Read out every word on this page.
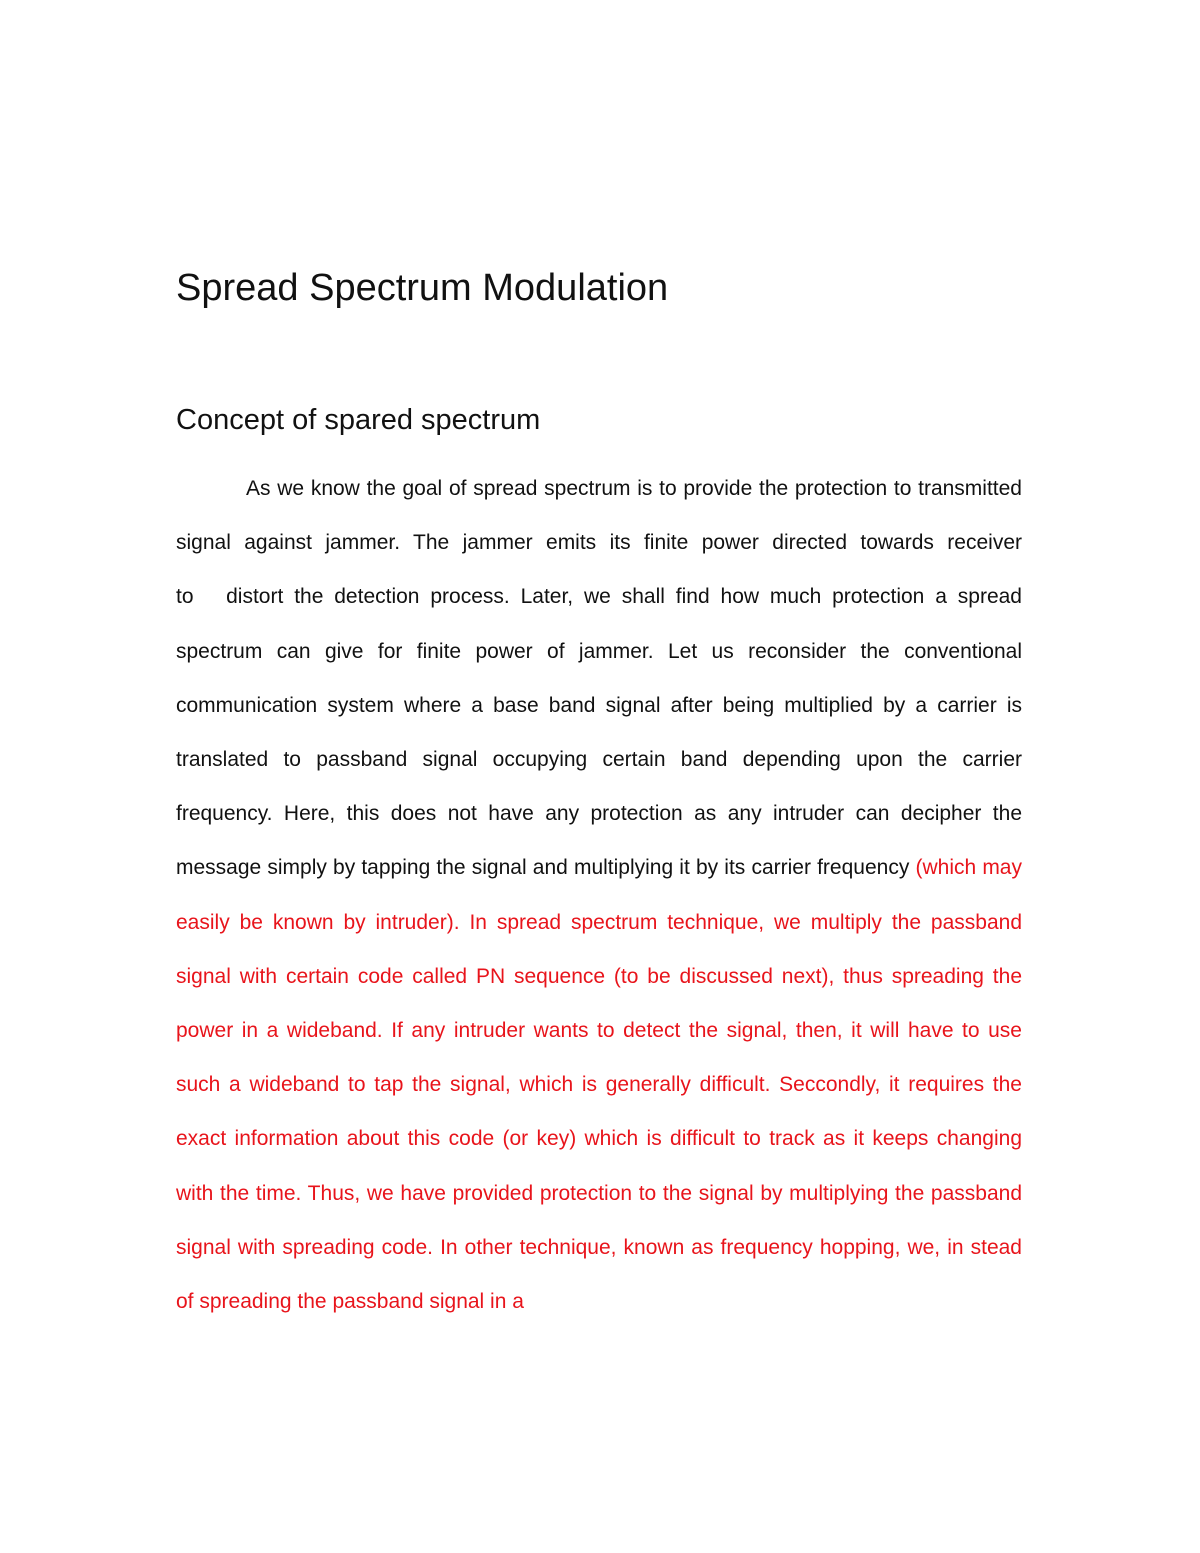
Spread Spectrum Modulation
Concept of spared spectrum

As we know the goal of spread spectrum is to provide the protection to transmitted signal against jammer. The jammer emits its finite power directed towards receiver to   distort the detection process. Later, we shall find how much protection a spread spectrum can give for finite power of jammer. Let us reconsider the conventional communication system where a base band signal after being multiplied by a carrier is translated to passband signal occupying certain band depending upon the carrier frequency. Here, this does not have any protection as any intruder can decipher the message simply by tapping the signal and multiplying it by its carrier frequency (which may easily be known by intruder). In spread spectrum technique, we multiply the passband signal with certain code called PN sequence (to be discussed next), thus spreading the power in a wideband. If any intruder wants to detect the signal, then, it will have to use such a wideband to tap the signal, which is generally difficult. Seccondly, it requires the exact information about this code (or key) which is difficult to track as it keeps changing with the time. Thus, we have provided protection to the signal by multiplying the passband signal with spreading code. In other technique, known as frequency hopping, we, in stead of spreading the passband signal in a
